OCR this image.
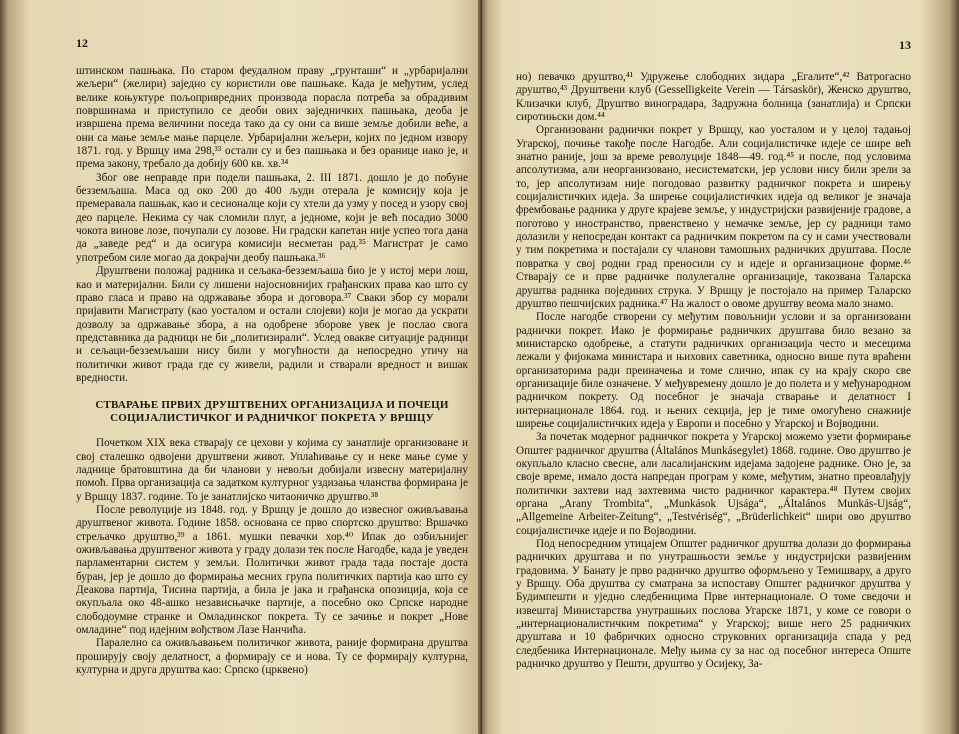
12

штинском пашњака. По старом феудалном праву „грунташи“ и „урбаријални жељери“ (желири) заједно су користили ове пашњаке. Када је међутим, услед велике коњуктуре пољопривредних производа порасла потреба за обрадивим површинама и приступило се деоби ових заједничких пашњака, деоба је извршена према величини поседа тако да су они са више земље добили веће, а они са мање земље мање парцеле. Урбаријални жељери, којих по једном извору 1871. год. у Вршцу има 298,³³ остали су и без пашњака и без оранице иако је, и према закону, требало да добију 600 кв. хв.³⁴

Због ове неправде при подели пашњака, 2. III 1871. дошло је до побуне безземљаша. Маса од око 200 до 400 људи отерала је комисију која је премеравала пашњак, као и сесионалце који су хтели да узму у посед и узору свој део парцеле. Некима су чак сломили плуг, а једноме, који је већ посадио 3000 чокота винове лозе, почупали су лозове. Ни градски капетан није успео тога дана да „заведе ред“ и да осигура комисији несметан рад.³⁵ Магистрат је само употребом силе могао да докрајчи деобу пашњака.³⁶

Друштвени положај радника и сељака-безземљаша био је у истој мери лош, као и материјални. Били су лишени најосновнијих грађанских права као што су право гласа и право на одржавање збора и договора.³⁷ Сваки збор су морали пријавити Магистрату (као уосталом и остали слојеви) који је могао да ускрати дозволу за одржавање збора, а на одобрене зборове увек је послао свога представника да радници не би „политизирали“. Услед оваквe ситуације радници и сељаци-безземљаши нису били у могућности да непосредно утичу на политички живот града где су живели, радили и стварали вредност и вишак вредности.

СТВАРАЊЕ ПРВИХ ДРУШТВЕНИХ ОРГАНИЗАЦИЈА И ПОЧЕЦИ
СОЦИЈАЛИСТИЧКОГ И РАДНИЧКОГ ПОКРЕТА У ВРШЦУ

Почетком XIX века стварају се цехови у којима су занатлије организоване и свој сталешко одвојени друштвени живот. Уплаћивање су и неке мање суме у ладнице братовштина да би чланови у невољи добијали извесну материјалну помоћ. Прва организација са задатком културног уздизања чланства формирана је у Вршцу 1837. године. То је занатлијско читаоничко друштво.³⁸

После револуције из 1848. год. у Вршцу је дошло до извесног оживљавања друштвеног живота. Године 1858. основана се прво спортско друштво: Вршачко стрељачко друштво,³⁹ а 1861. мушки певачки хор.⁴⁰ Ипак до озбиљнијег оживљавања друштвеног живота у граду долази тек после Нагодбе, када је уведен парламентарни систем у земљи. Политички живот града тада постаје доста буран, јер је дошло до формирања месних група политичких партија као што су Деакова партија, Тисина партија, а била је јака и грађанска опозиција, која се окупљала око 48-ашко независњачке партије, а посебно око Српске народне слободоумне странке и Омладинског покрета. Ту се зачиње и покрет „Нове омладине“ под идејним вођством Лазе Нанчића.

Паралелно са оживљавањем политичког живота, раније формирана друштва проширују своју делатност, а формирају се и нова. Ту се формирају културна, културна и друга друштва као: Српско (црквено)

13

но) певачко друштво,⁴¹ Удружење слободних зидара „Егалите“,⁴² Ватрогасно друштво,⁴³ Друштвени клуб (Gesselligkeite Verein — Társaskör), Женско друштво, Клизачки клуб, Друштво виноградара, Задружна болница (занатлија) и Српски сиротињски дом.⁴⁴

Организовани раднички покрет у Вршцу, као уосталом и у целој тадањој Угарској, почиње такође после Нагодбе. Али социјалистичке идеје се шире већ знатно раније, још за време револуције 1848—49. год.⁴⁵ и после, под условима апсолутизма, али неорганизовано, несистематски, јер услови нису били зрели за то, јер апсолутизам није погодовао развитку радничког покрета и ширењу социјалистичких идеја. За ширење социјалистичких идеја од великог је значаја фрембовање радника у друге крајеве земље, у индустријски развијеније градове, а поготово у иностранство, првенствено у немачке земље, јер су радници тамо долазили у непосредан контакт са радничким покретом па су и сами учествовали у тим покретима и постајали су чланови тамошњих радничких друштава. После повратка у свој родни град преносили су и идеје и организационе форме.⁴⁶ Стварају се и прве радничке полулегалне организације, такозвана Таларска друштва радника појединих струка. У Вршцу је постојало на пример Таларско друштво пешчијских радника.⁴⁷ На жалост о овоме друштву веома мало знамо.

После нагодбе створени су међутим повољнији услови и за организовани раднички покрет. Иако је формирање радничких друштава било везано за министарско одобрење, а статути радничких организација често и месецима лежали у фијокама министара и њихових саветника, односно више пута враћени организаторима ради преиначења и томе слично, ипак су на крају скоро све организације биле означене. У међувремену дошло је до полета и у међународном радничком покрету. Од посебног је значаја стварање и делатност I интернационале 1864. год. и њених секција, јер је тиме омогућено снажније ширење социјалистичких идеја у Европи и посебно у Угарској и Војводини.

За почетак модерног радничког покрета у Угарској можемо узети формирање Општег радничког друштва (Általános Munkásegylet) 1868. године. Ово друштво је окупљало класно свесне, али ласалијанским идејама задојене раднике. Оно је, за своје време, имало доста напредан програм у коме, међутим, знатно преовлађују политички захтеви над захтевима чисто радничког карактера.⁴⁸ Путем својих органа „Arany Trombita“, „Munkások Ujsága“, „Általános Munkás-Ujság“, „Allgemeine Arbeiter-Zeitung“, „Testvériség“, „Brüderlichkeit“ шири ово друштво социјалистичке идеје и по Војводини.

Под непосредним утицајем Општег радничког друштва долази до формирања радничких друштава и по унутрашњости земље у индустријски развијеним градовима. У Банату је прво радничко друштво оформљено у Темишвару, а друго у Вршцу. Оба друштва су сматрана за испоставу Општег радничког друштва у Будимпешти и уједно следбеницима Прве интернационале. О томе сведочи и извештај Министарства унутрашњих послова Угарске 1871, у коме се говори о „интернационалистичким покретима“ у Угарској; више него 25 радничких друштава и 10 фабричких односно струковних организација спада у ред следбеника Интернационале. Међу њима су за нас од посебног интереса Опште радничко друштво у Пешти, друштво у Осијеку, За-
